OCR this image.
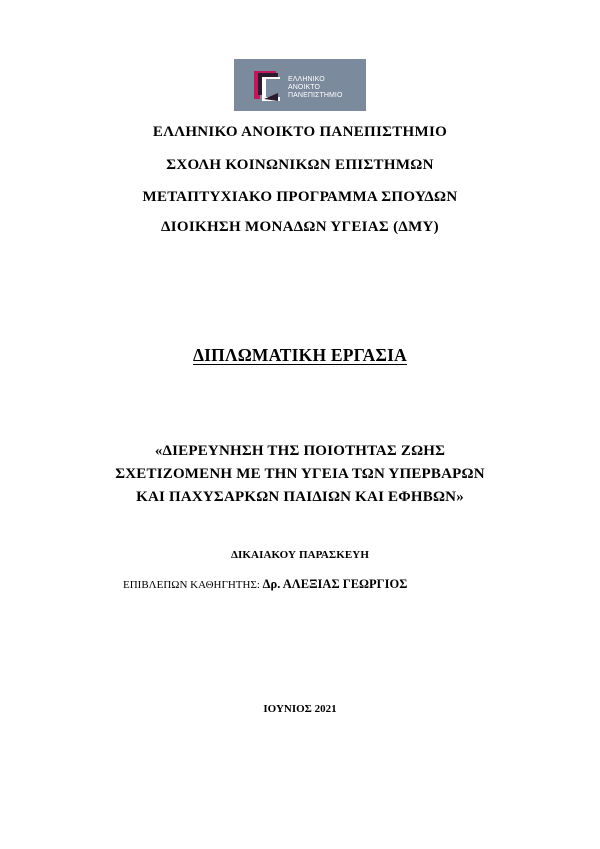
ΕΛΛΗΝΙΚΟ
ΑΝΟΙΚΤΟ
ΠΑΝΕΠΙΣΤΗΜΙΟ
ΕΛΛΗΝΙΚΟ ΑΝΟΙΚΤΟ ΠΑΝΕΠΙΣΤΗΜΙΟ
ΣΧΟΛΗ ΚΟΙΝΩΝΙΚΩΝ ΕΠΙΣΤΗΜΩΝ
ΜΕΤΑΠΤΥΧΙΑΚΟ ΠΡΟΓΡΑΜΜΑ ΣΠΟΥΔΩΝ
ΔΙΟΙΚΗΣΗ ΜΟΝΑΔΩΝ ΥΓΕΙΑΣ (ΔΜΥ)
ΔΙΠΛΩΜΑΤΙΚΗ ΕΡΓΑΣΙΑ
«ΔΙΕΡΕΥΝΗΣΗ ΤΗΣ ΠΟΙΟΤΗΤΑΣ ΖΩΗΣ
ΣΧΕΤΙΖΟΜΕΝΗ ΜΕ ΤΗΝ ΥΓΕΙΑ ΤΩΝ ΥΠΕΡΒΑΡΩΝ
ΚΑΙ ΠΑΧΥΣΑΡΚΩΝ ΠΑΙΔΙΩΝ ΚΑΙ ΕΦΗΒΩΝ»
ΔΙΚΑΙΑΚΟΥ ΠΑΡΑΣΚΕΥΗ
ΕΠΙΒΛΕΠΩΝ ΚΑΘΗΓΗΤΗΣ: Δρ. ΑΛΕΞΙΑΣ ΓΕΩΡΓΙΟΣ
ΙΟΥΝΙΟΣ 2021
